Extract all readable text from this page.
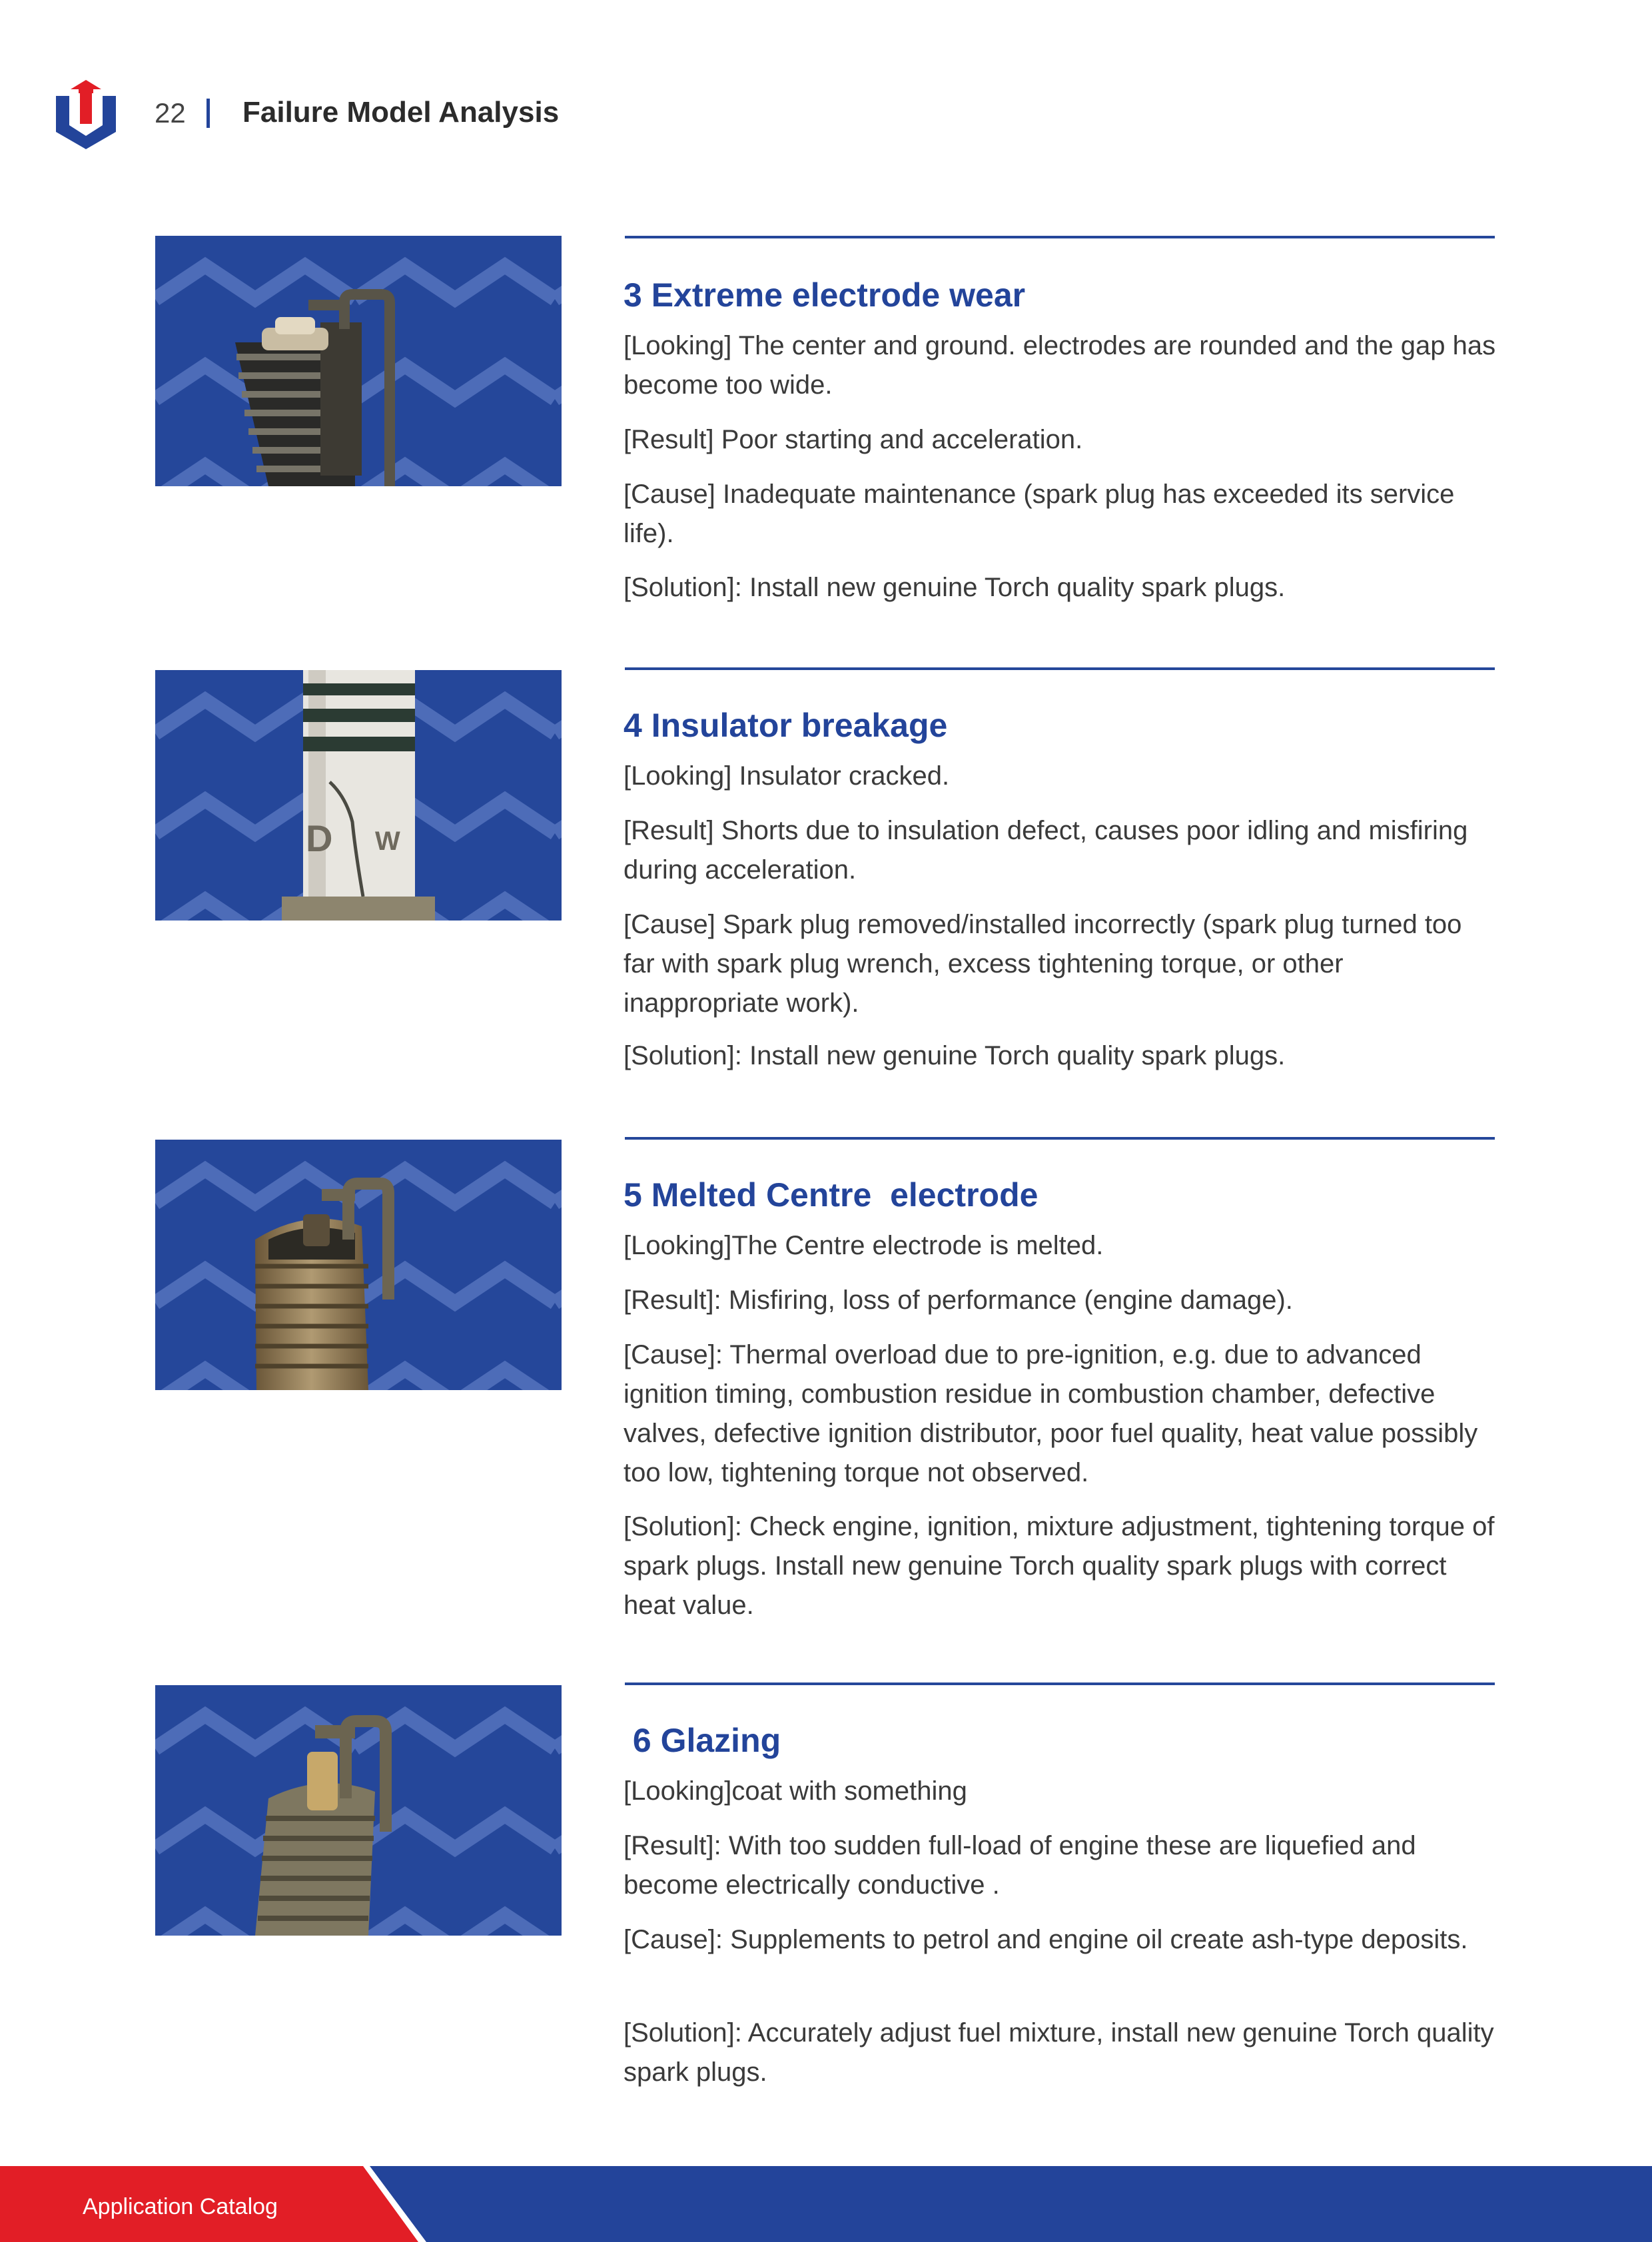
22 Failure Model Analysis
3 Extreme electrode wear

[Looking] The center and ground. electrodes are rounded and the gap has become too wide.

[Result] Poor starting and acceleration.

[Cause] Inadequate maintenance (spark plug has exceeded its service life).

[Solution]: Install new genuine Torch quality spark plugs.

D W
4 Insulator breakage

[Looking] Insulator cracked.

[Result] Shorts due to insulation defect, causes poor idling and misfiring during acceleration.

[Cause] Spark plug removed/installed incorrectly (spark plug turned too far with spark plug wrench, excess tightening torque, or other inappropriate work).

[Solution]: Install new genuine Torch quality spark plugs.

5 Melted Centre  electrode

[Looking]The Centre electrode is melted.

[Result]: Misfiring, loss of performance (engine damage).

[Cause]: Thermal overload due to pre-ignition, e.g. due to advanced ignition timing, combustion residue in combustion chamber, defective valves, defective ignition distributor, poor fuel quality, heat value possibly too low, tightening torque not observed.

[Solution]: Check engine, ignition, mixture adjustment, tightening torque of spark plugs. Install new genuine Torch quality spark plugs with correct heat value.

6 Glazing

[Looking]coat with something

[Result]: With too sudden full-load of engine these are liquefied and become electrically conductive .

[Cause]: Supplements to petrol and engine oil create ash-type deposits.

[Solution]: Accurately adjust fuel mixture, install new genuine Torch quality spark plugs.

Application Catalog
